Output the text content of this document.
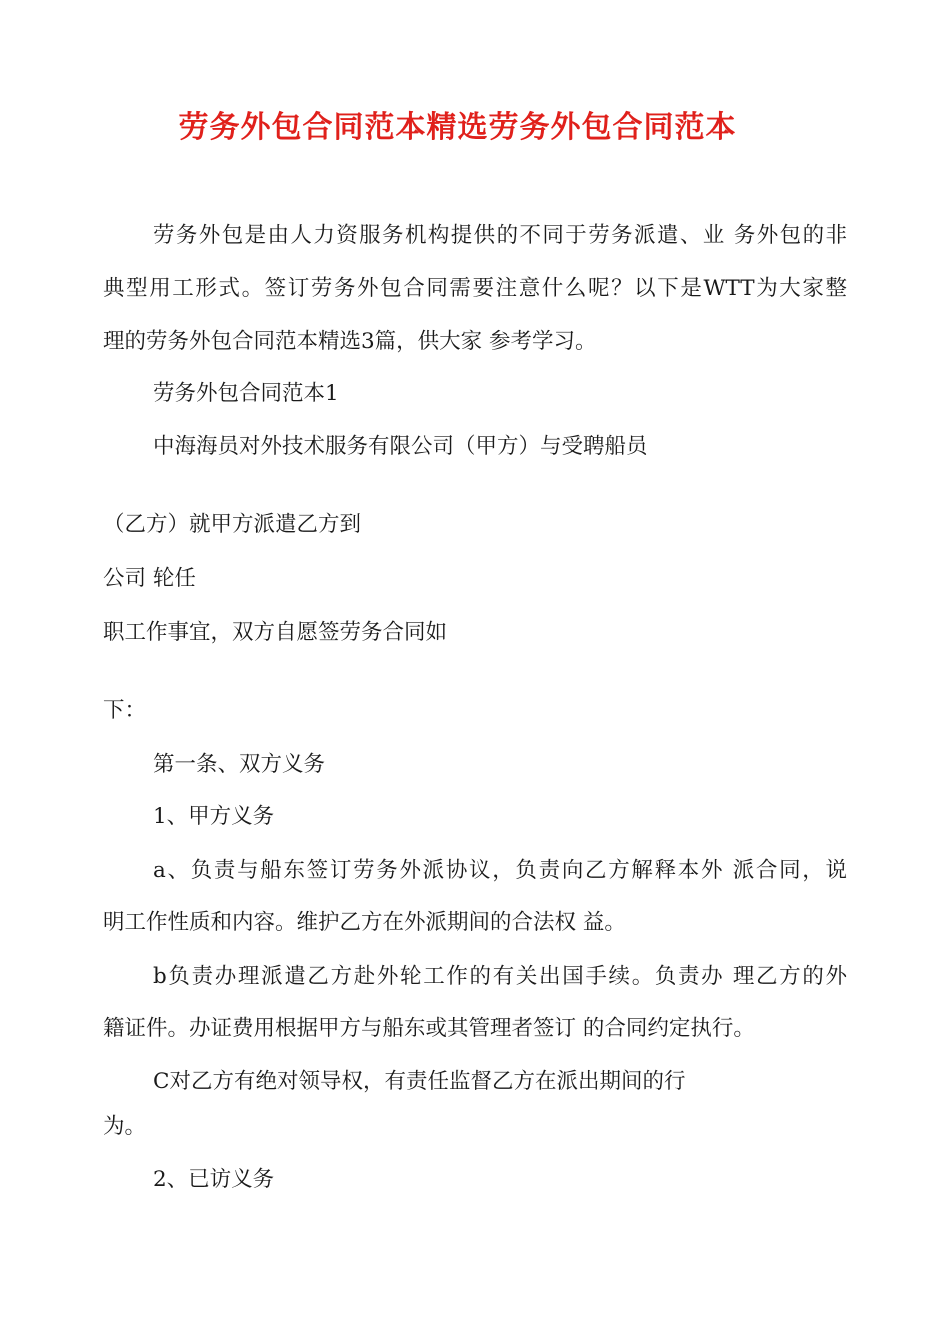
劳务外包合同范本精选劳务外包合同范本
劳务外包是由人力资服务机构提供的不同于劳务派遣、业 务外包的非
典型用工形式。签订劳务外包合同需要注意什么呢？以下是WTT为大家整
理的劳务外包合同范本精选3篇，供大家 参考学习。
劳务外包合同范本1
中海海员对外技术服务有限公司（甲方）与受聘船员
（乙方）就甲方派遣乙方到
公司 轮任
职工作事宜，双方自愿签劳务合同如
下：
第一条、双方义务
1、甲方义务
a、负责与船东签订劳务外派协议，负责向乙方解释本外 派合同，说
明工作性质和内容。维护乙方在外派期间的合法权 益。
b负责办理派遣乙方赴外轮工作的有关出国手续。负责办 理乙方的外
籍证件。办证费用根据甲方与船东或其管理者签订 的合同约定执行。
C对乙方有绝对领导权，有责任监督乙方在派出期间的行
为。
2、已访义务
